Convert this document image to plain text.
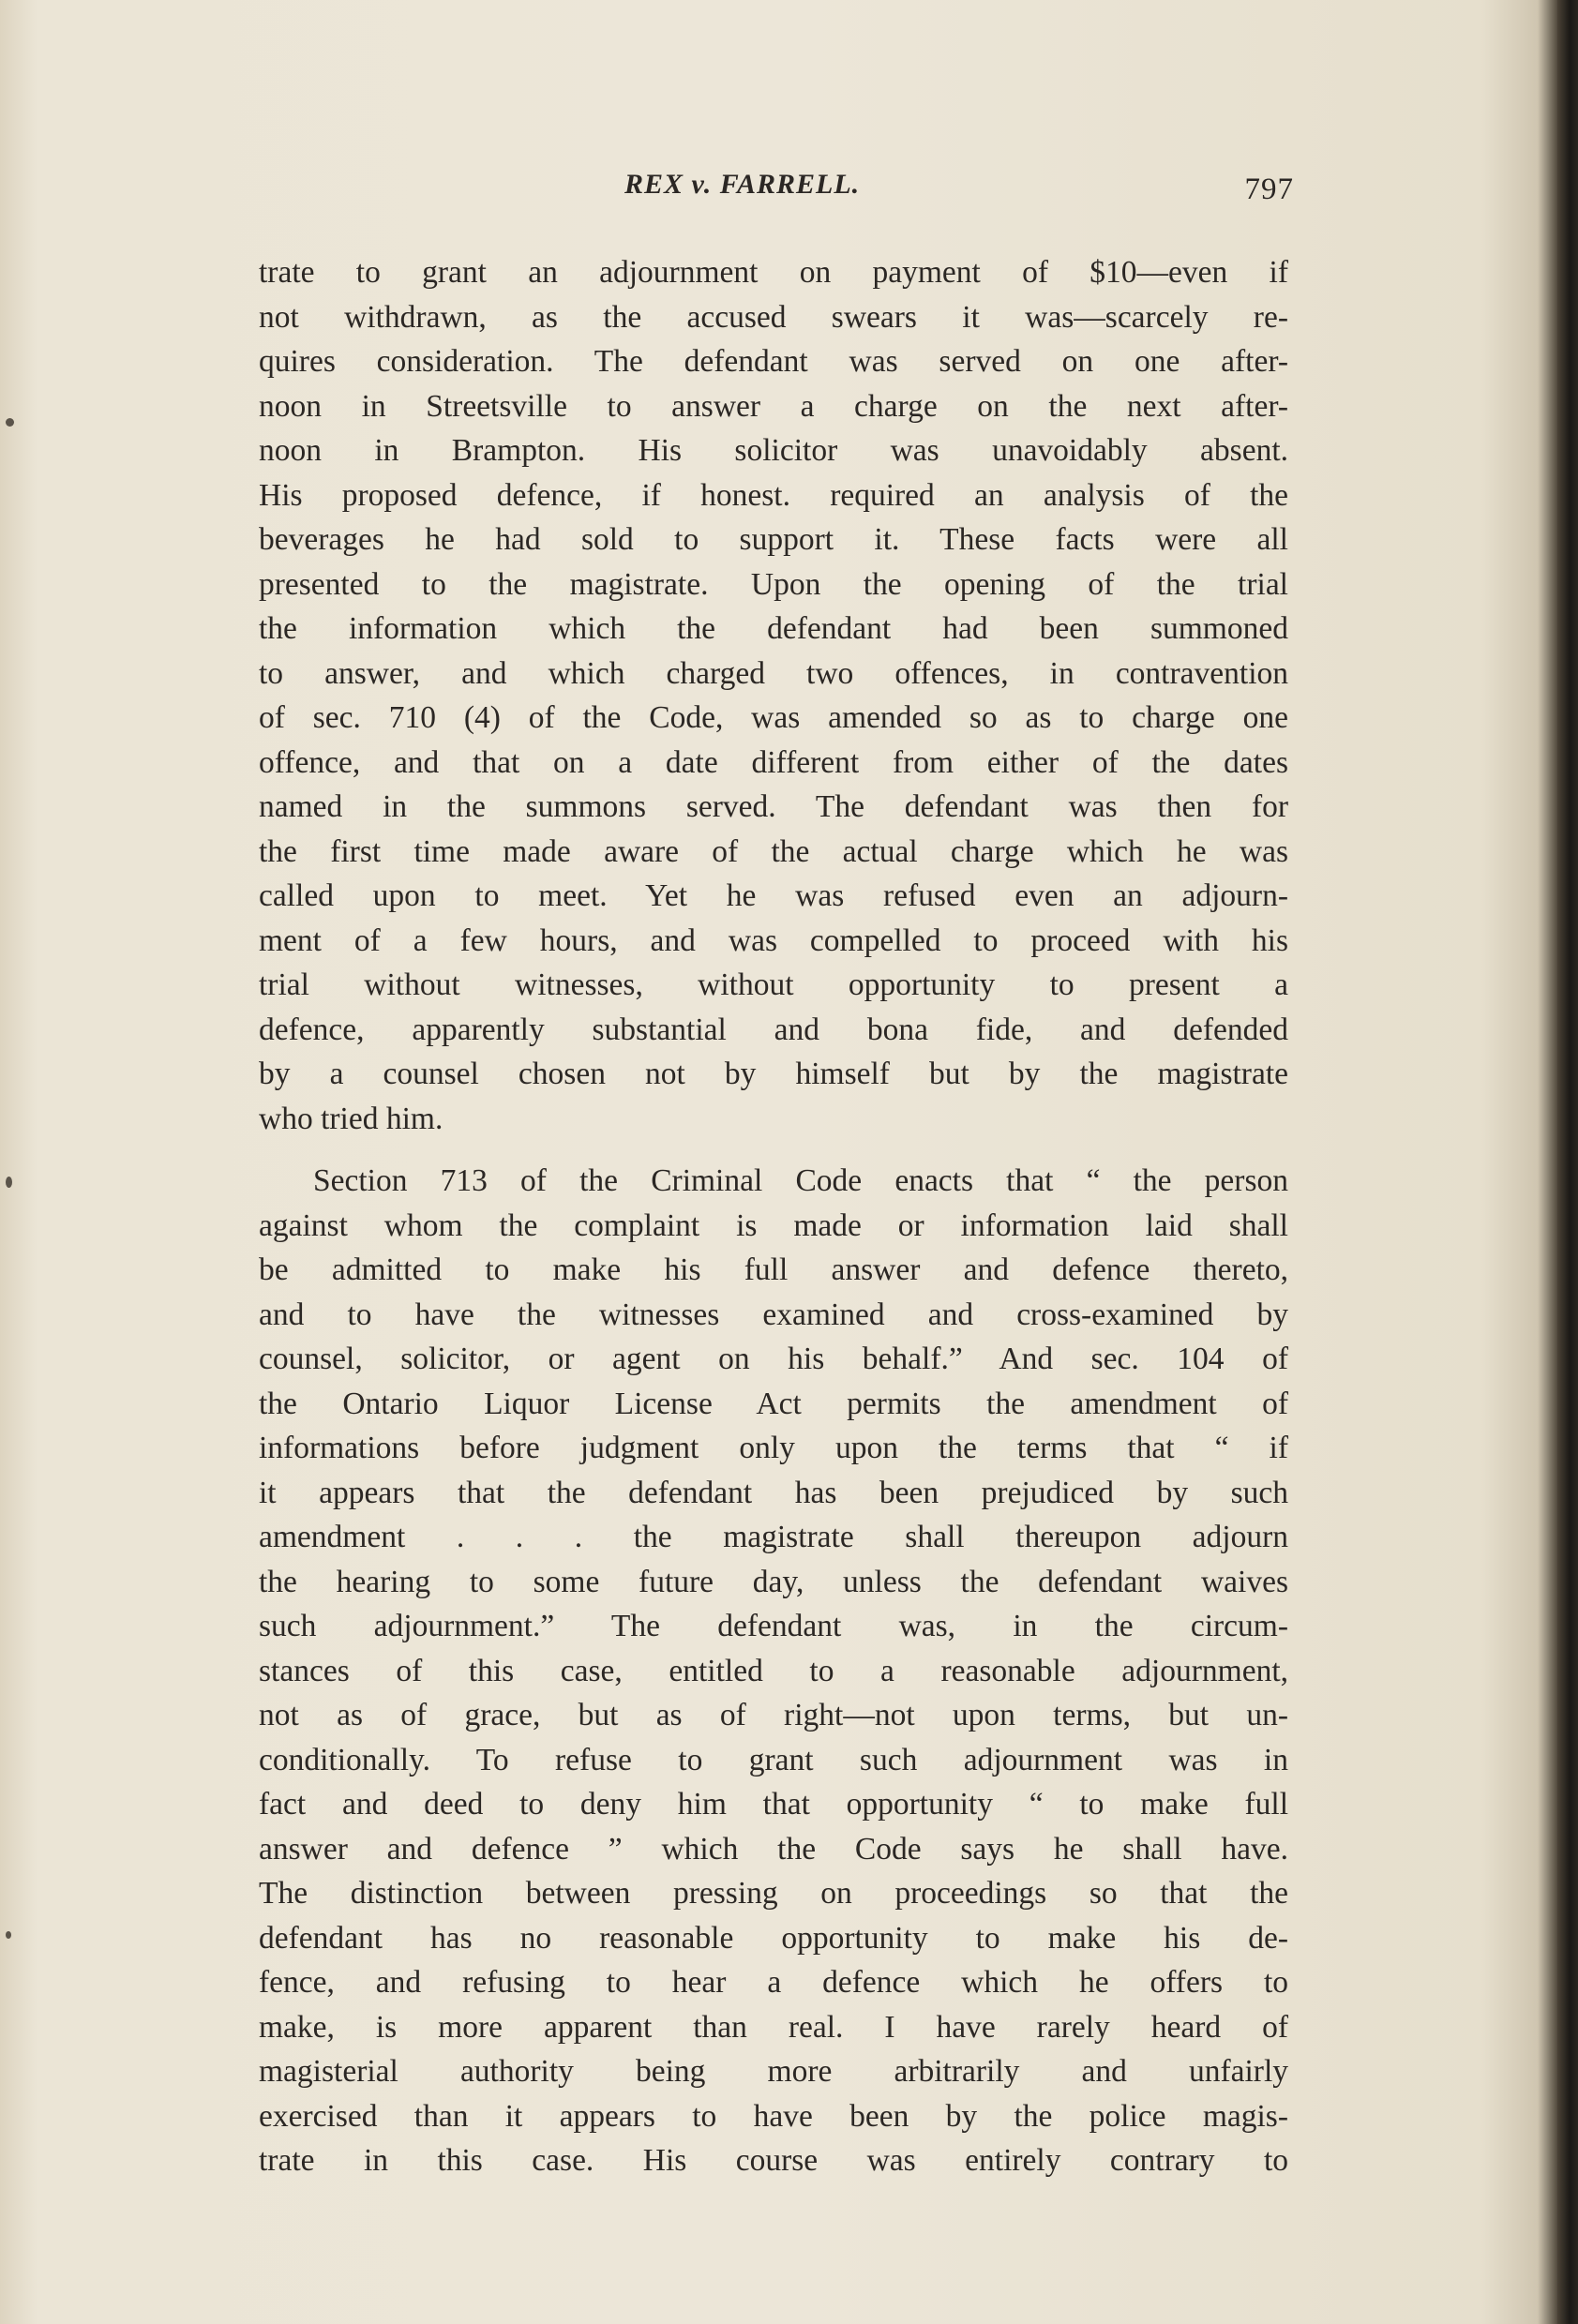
REX v. FARRELL.	797
trate to grant an adjournment on payment of $10—even if
not withdrawn, as the accused swears it was—scarcely re-
quires consideration. The defendant was served on one after-
noon in Streetsville to answer a charge on the next after-
noon in Brampton. His solicitor was unavoidably absent.
His proposed defence, if honest. required an analysis of the
beverages he had sold to support it. These facts were all
presented to the magistrate. Upon the opening of the trial
the information which the defendant had been summoned
to answer, and which charged two offences, in contravention
of sec. 710 (4) of the Code, was amended so as to charge one
offence, and that on a date different from either of the dates
named in the summons served. The defendant was then for
the first time made aware of the actual charge which he was
called upon to meet. Yet he was refused even an adjourn-
ment of a few hours, and was compelled to proceed with his
trial without witnesses, without opportunity to present a
defence, apparently substantial and bona fide, and defended
by a counsel chosen not by himself but by the magistrate
who tried him.
Section 713 of the Criminal Code enacts that “ the person
against whom the complaint is made or information laid shall
be admitted to make his full answer and defence thereto,
and to have the witnesses examined and cross-examined by
counsel, solicitor, or agent on his behalf.” And sec. 104 of
the Ontario Liquor License Act permits the amendment of
informations before judgment only upon the terms that “ if
it appears that the defendant has been prejudiced by such
amendment . . . the magistrate shall thereupon adjourn
the hearing to some future day, unless the defendant waives
such adjournment.” The defendant was, in the circum-
stances of this case, entitled to a reasonable adjournment,
not as of grace, but as of right—not upon terms, but un-
conditionally. To refuse to grant such adjournment was in
fact and deed to deny him that opportunity “ to make full
answer and defence ” which the Code says he shall have.
The distinction between pressing on proceedings so that the
defendant has no reasonable opportunity to make his de-
fence, and refusing to hear a defence which he offers to
make, is more apparent than real. I have rarely heard of
magisterial authority being more arbitrarily and unfairly
exercised than it appears to have been by the police magis-
trate in this case. His course was entirely contrary to
